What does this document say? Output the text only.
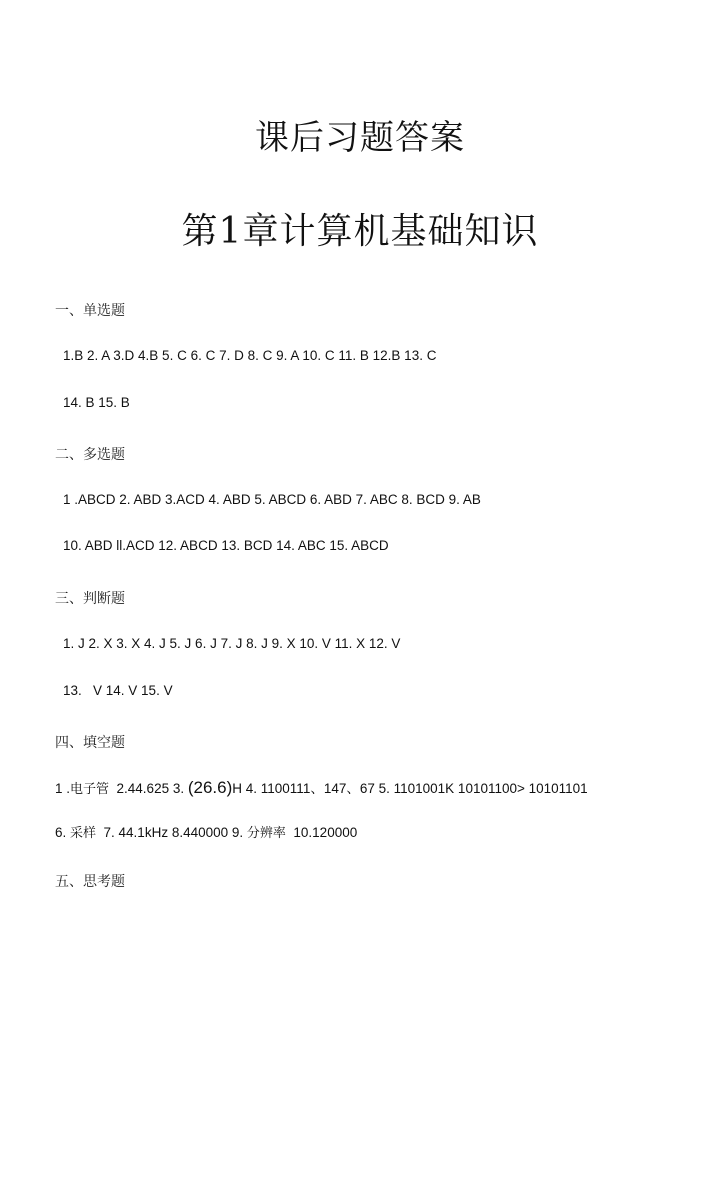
课后习题答案
第1章计算机基础知识
一、单选题
1.B 2. A 3.D 4.B 5. C 6. C 7. D 8. C 9. A 10. C 11. B 12.B 13. C
14. B 15. B
二、多选题
1 .ABCD 2. ABD 3.ACD 4. ABD 5. ABCD 6. ABD 7. ABC 8. BCD 9. AB
10. ABD ll.ACD 12. ABCD 13. BCD 14. ABC 15. ABCD
三、判断题
1. J 2. X 3. X 4. J 5. J 6. J 7. J 8. J 9. X 10. V 11. X 12. V
13.   V 14. V 15. V
四、填空题
1 .电子管  2.44.625 3. (26.6)H 4. 1100111、147、67 5. 1101001K 10101100> 10101101
6. 采样  7. 44.1kHz 8.440000 9. 分辨率  10.120000
五、思考题
